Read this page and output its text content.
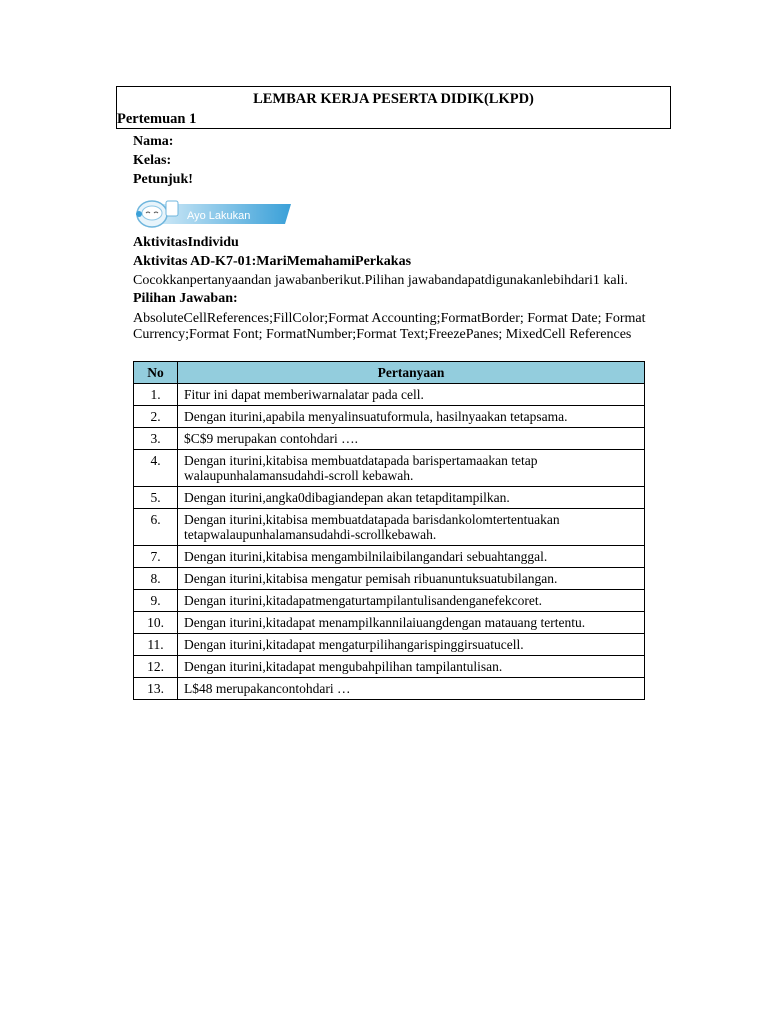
LEMBAR KERJA PESERTA DIDIK(LKPD)
Pertemuan 1
Nama:
Kelas:
Petunjuk!
Ayo Lakukan
AktivitasIndividu
Aktivitas AD-K7-01:MariMemahamiPerkakas
Cocokkanpertanyaandan jawabanberikut.Pilihan jawabandapatdigunakanlebihdari1 kali.
Pilihan Jawaban:
AbsoluteCellReferences;FillColor;Format Accounting;FormatBorder; Format Date; Format Currency;Format Font; FormatNumber;Format Text;FreezePanes; MixedCell References
No	Pertanyaan
1.	Fitur ini dapat memberiwarnalatar pada cell.
2.	Dengan iturini,apabila menyalinsuatuformula, hasilnyaakan tetapsama.
3.	$C$9 merupakan contohdari ….
4.	Dengan iturini,kitabisa membuatdatapada barispertamaakan tetap walaupunhalamansudahdi-scroll kebawah.
5.	Dengan iturini,angka0dibagiandepan akan tetapditampilkan.
6.	Dengan iturini,kitabisa membuatdatapada barisdankolomtertentuakan tetapwalaupunhalamansudahdi-scrollkebawah.
7.	Dengan iturini,kitabisa mengambilnilaibilangandari sebuahtanggal.
8.	Dengan iturini,kitabisa mengatur pemisah ribuanuntuksuatubilangan.
9.	Dengan iturini,kitadapatmengaturtampilantulisandenganefekcoret.
10.	Dengan iturini,kitadapat menampilkannilaiuangdengan matauang tertentu.
11.	Dengan iturini,kitadapat mengaturpilihangarispinggirsuatucell.
12.	Dengan iturini,kitadapat mengubahpilihan tampilantulisan.
13.	L$48 merupakancontohdari …
